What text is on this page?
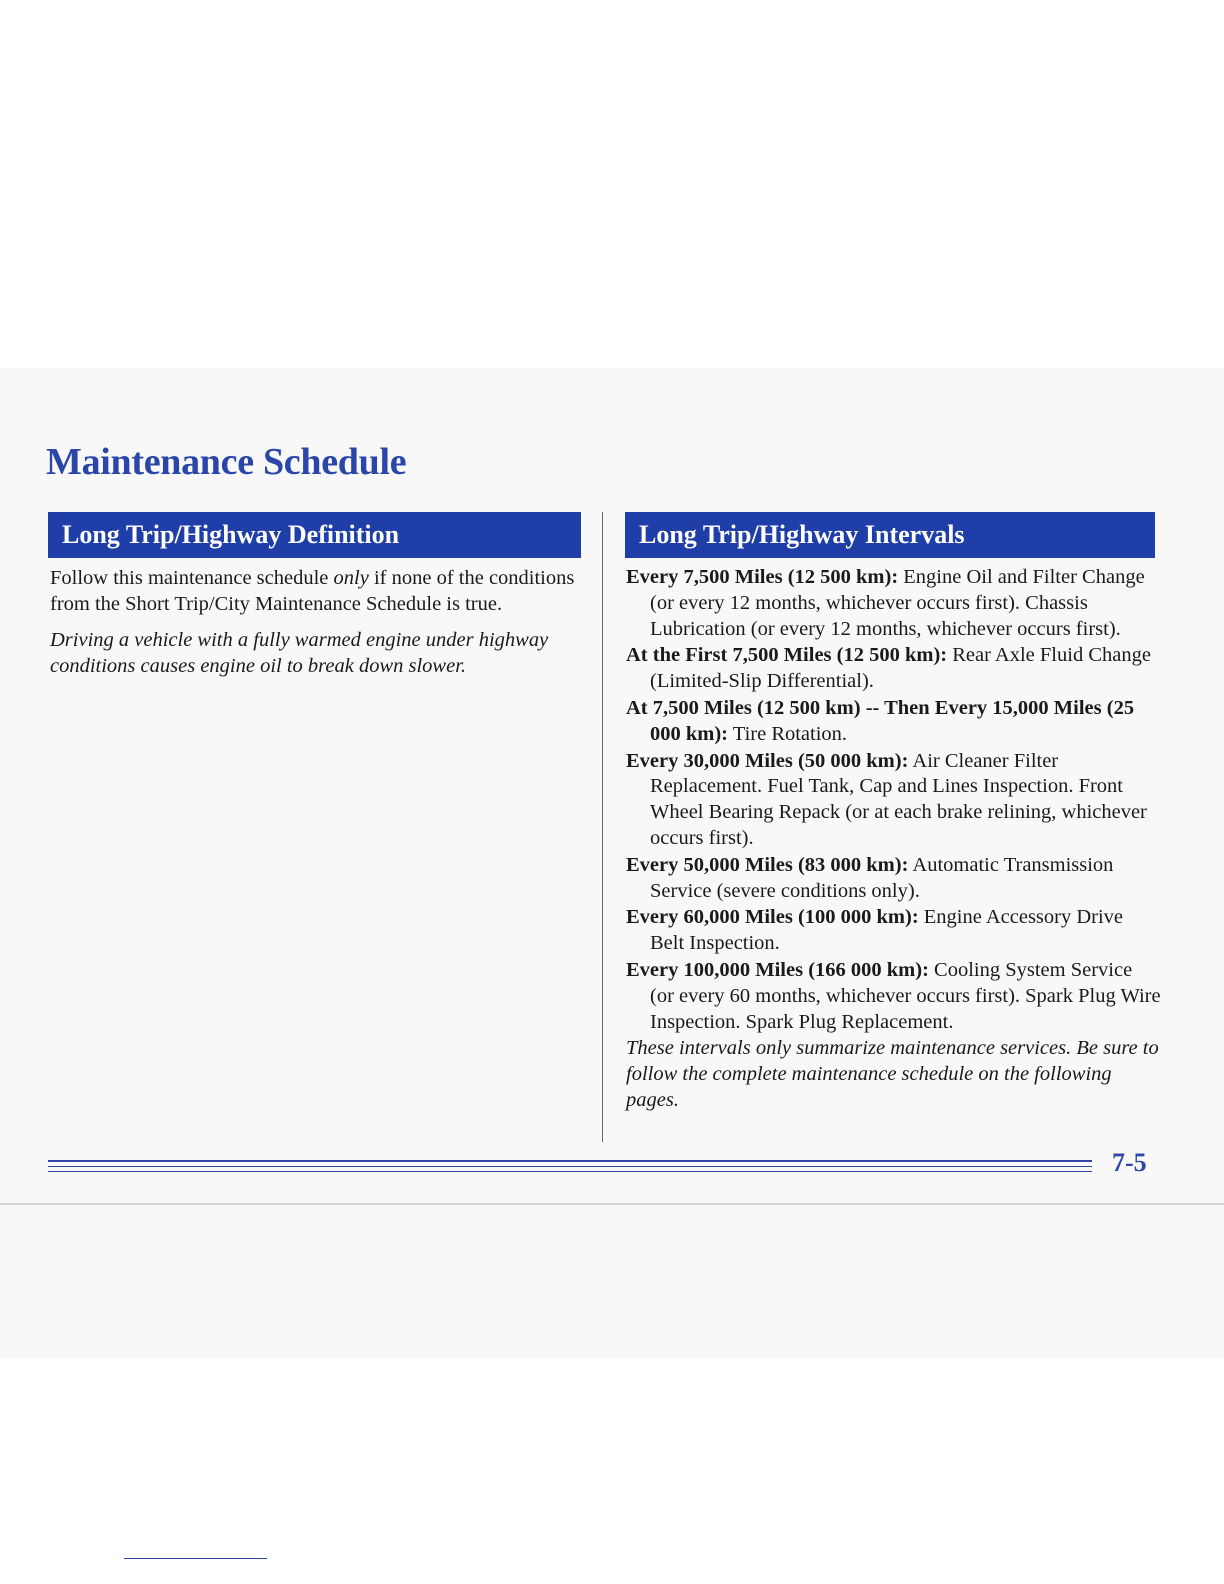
Maintenance Schedule
Long Trip/Highway Definition	Long Trip/Highway Intervals

Follow this maintenance schedule only if none of the conditions from the Short Trip/City Maintenance Schedule is true.

Driving a vehicle with a fully warmed engine under highway conditions causes engine oil to break down slower.

Every 7,500 Miles (12 500 km): Engine Oil and Filter Change (or every 12 months, whichever occurs first). Chassis Lubrication (or every 12 months, whichever occurs first).
At the First 7,500 Miles (12 500 km): Rear Axle Fluid Change (Limited-Slip Differential).
At 7,500 Miles (12 500 km) -- Then Every 15,000 Miles (25 000 km): Tire Rotation.
Every 30,000 Miles (50 000 km): Air Cleaner Filter Replacement. Fuel Tank, Cap and Lines Inspection. Front Wheel Bearing Repack (or at each brake relining, whichever occurs first).
Every 50,000 Miles (83 000 km): Automatic Transmission Service (severe conditions only).
Every 60,000 Miles (100 000 km): Engine Accessory Drive Belt Inspection.
Every 100,000 Miles (166 000 km): Cooling System Service (or every 60 months, whichever occurs first). Spark Plug Wire Inspection. Spark Plug Replacement.
These intervals only summarize maintenance services. Be sure to follow the complete maintenance schedule on the following pages.
7-5
